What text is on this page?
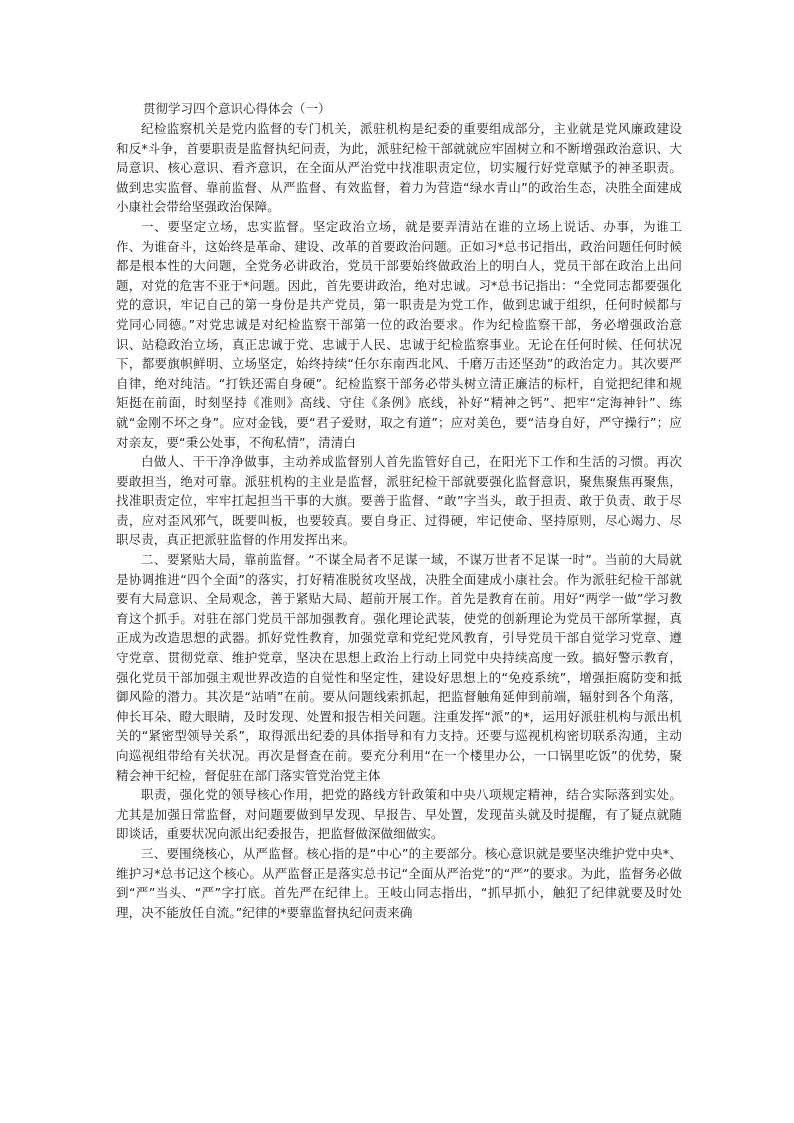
贯彻学习四个意识心得体会（一）

纪检监察机关是党内监督的专门机关，派驻机构是纪委的重要组成部分，主业就是党风廉政建设和反*斗争，首要职责是监督执纪问责，为此，派驻纪检干部就就应牢固树立和不断增强政治意识、大局意识、核心意识、看齐意识，在全面从严治党中找准职责定位，切实履行好党章赋予的神圣职责。做到忠实监督、靠前监督、从严监督、有效监督，着力为营造“绿水青山”的政治生态，决胜全面建成小康社会带给坚强政治保障。

一、要坚定立场，忠实监督。坚定政治立场，就是要弄清站在谁的立场上说话、办事，为谁工作、为谁奋斗，这始终是革命、建设、改革的首要政治问题。正如习*总书记指出，政治问题任何时候都是根本性的大问题，全党务必讲政治，党员干部要始终做政治上的明白人，党员干部在政治上出问题，对党的危害不亚于*问题。因此，首先要讲政治，绝对忠诚。习*总书记指出：“全党同志都要强化党的意识，牢记自己的第一身份是共产党员，第一职责是为党工作，做到忠诚于组织，任何时候都与党同心同德。”对党忠诚是对纪检监察干部第一位的政治要求。作为纪检监察干部，务必增强政治意识、站稳政治立场，真正忠诚于党、忠诚于人民、忠诚于纪检监察事业。无论在任何时候、任何状况下，都要旗帜鲜明、立场坚定，始终持续“任尔东南西北风、千磨万击还坚劲”的政治定力。其次要严自律，绝对纯洁。“打铁还需自身硬”。纪检监察干部务必带头树立清正廉洁的标杆，自觉把纪律和规矩挺在前面，时刻坚持《准则》高线、守住《条例》底线，补好“精神之钙”、把牢“定海神针”、练就“金刚不坏之身”。应对金钱，要“君子爱财，取之有道”；应对美色，要“洁身自好，严守操行”；应对亲友，要“秉公处事，不徇私情”，清清白

白做人、干干净净做事，主动养成监督别人首先监管好自己，在阳光下工作和生活的习惯。再次要敢担当，绝对可靠。派驻机构的主业是监督，派驻纪检干部就要强化监督意识，聚焦聚焦再聚焦，找准职责定位，牢牢扛起担当干事的大旗。要善于监督、“敢”字当头，敢于担责、敢于负责、敢于尽责，应对歪风邪气，既要叫板，也要较真。要自身正、过得硬，牢记使命、坚持原则，尽心竭力、尽职尽责，真正把派驻监督的作用发挥出来。

二、要紧贴大局，靠前监督。“不谋全局者不足谋一域，不谋万世者不足谋一时”。当前的大局就是协调推进“四个全面”的落实，打好精准脱贫攻坚战，决胜全面建成小康社会。作为派驻纪检干部就要有大局意识、全局观念，善于紧贴大局、超前开展工作。首先是教育在前。用好“两学一做”学习教育这个抓手。对驻在部门党员干部加强教育。强化理论武装，使党的创新理论为党员干部所掌握，真正成为改造思想的武器。抓好党性教育，加强党章和党纪党风教育，引导党员干部自觉学习党章、遵守党章、贯彻党章、维护党章，坚决在思想上政治上行动上同党中央持续高度一致。搞好警示教育，强化党员干部加强主观世界改造的自觉性和坚定性，建设好思想上的“免疫系统”，增强拒腐防变和抵御风险的潜力。其次是“站哨”在前。要从问题线索抓起，把监督触角延伸到前端，辐射到各个角落，伸长耳朵、瞪大眼睛，及时发现、处置和报告相关问题。注重发挥“派”的*，运用好派驻机构与派出机关的“紧密型领导关系”，取得派出纪委的具体指导和有力支持。还要与巡视机构密切联系沟通，主动向巡视组带给有关状况。再次是督查在前。要充分利用“在一个楼里办公，一口锅里吃饭”的优势，聚精会神干纪检，督促驻在部门落实管党治党主体

职责，强化党的领导核心作用，把党的路线方针政策和中央八项规定精神，结合实际落到实处。尤其是加强日常监督，对问题要做到早发现、早报告、早处置，发现苗头就及时提醒，有了疑点就随即谈话，重要状况向派出纪委报告，把监督做深做细做实。

三、要围绕核心，从严监督。核心指的是“中心”的主要部分。核心意识就是要坚决维护党中央*、维护习*总书记这个核心。从严监督正是落实总书记“全面从严治党”的“严”的要求。为此，监督务必做到“严”当头、“严”字打底。首先严在纪律上。王岐山同志指出，“抓早抓小，触犯了纪律就要及时处理，决不能放任自流。”纪律的*要靠监督执纪问责来确
